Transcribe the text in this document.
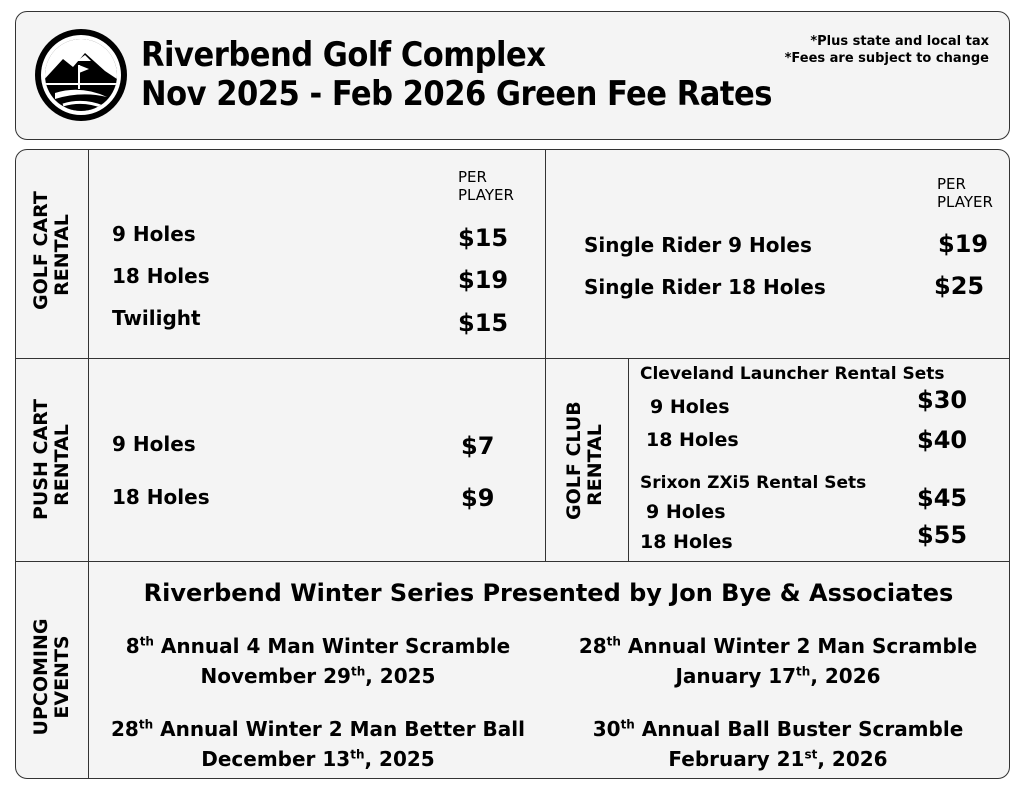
Riverbend Golf Complex
Nov 2025 - Feb 2026 Green Fee Rates
*Plus state and local tax
*Fees are subject to change
GOLF CART RENTAL
PUSH CART RENTAL	GOLF CLUB RENTAL
UPCOMING EVENTS
PER
PLAYER
9 Holes	$15
18 Holes	$19
Twilight	$15
PER
PLAYER
Single Rider 9 Holes	$19
Single Rider 18 Holes	$25
9 Holes	$7
18 Holes	$9
Cleveland Launcher Rental Sets
9 Holes	$30
18 Holes	$40
Srixon ZXi5 Rental Sets
9 Holes	$45
18 Holes	$55
Riverbend Winter Series Presented by Jon Bye & Associates
8th Annual 4 Man Winter Scramble
November 29th, 2025
28th Annual Winter 2 Man Scramble
January 17th, 2026
28th Annual Winter 2 Man Better Ball
December 13th, 2025
30th Annual Ball Buster Scramble
February 21st, 2026
